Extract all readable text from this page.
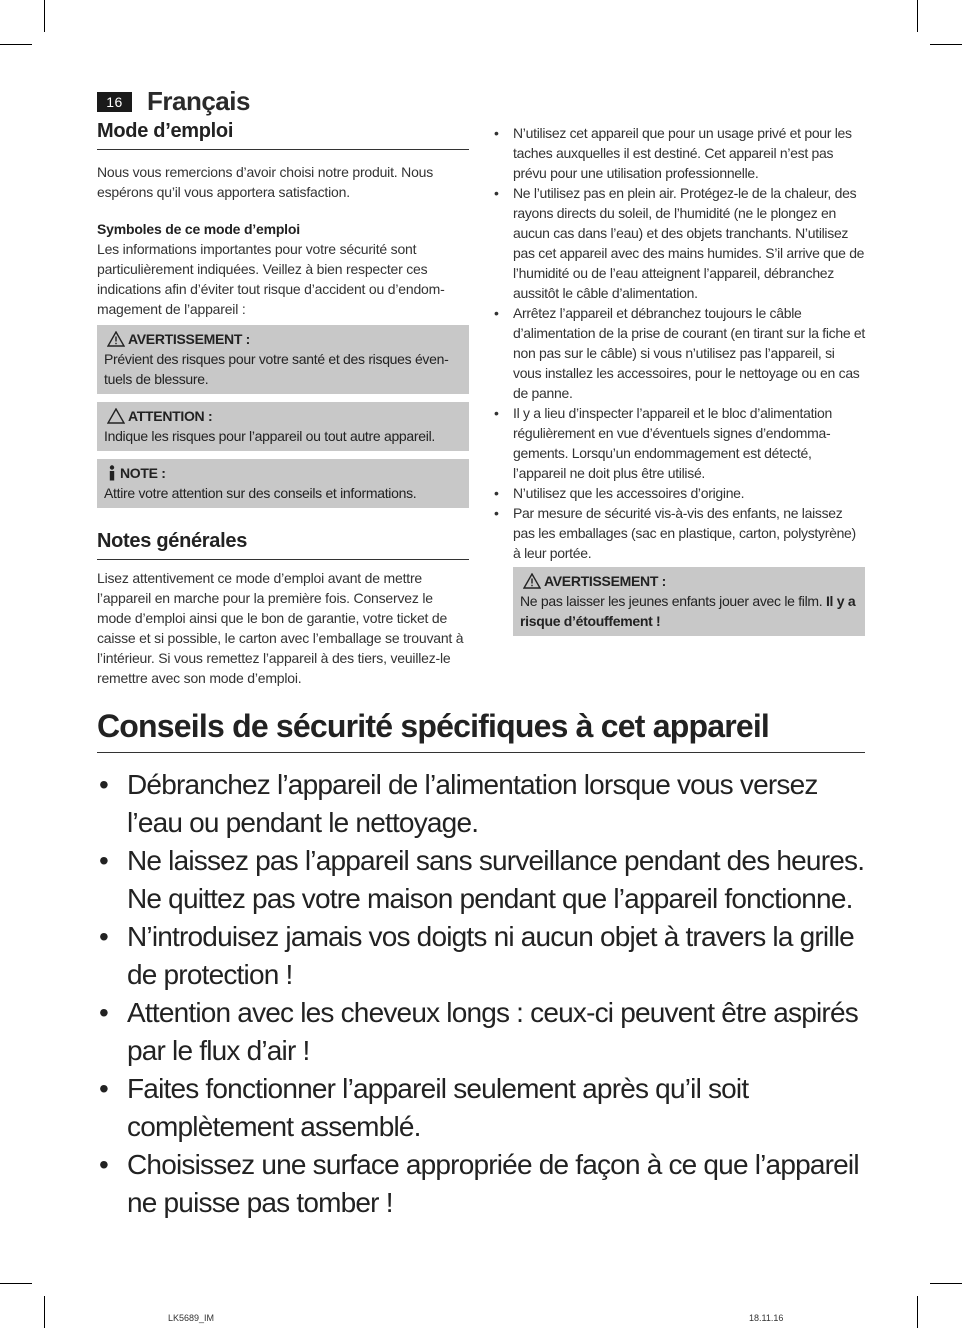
16 Français
Mode d’emploi

Nous vous remercions d’avoir choisi notre produit. Nous espérons qu’il vous apportera satisfaction.

Symboles de ce mode d’emploi

Les informations importantes pour votre sécurité sont particulièrement indiquées. Veillez à bien respecter ces indications afin d’éviter tout risque d’accident ou d’endommagement de l’appareil :

AVERTISSEMENT :
Prévient des risques pour votre santé et des risques éventuels de blessure.
ATTENTION :
Indique les risques pour l’appareil ou tout autre appareil.
NOTE :
Attire votre attention sur des conseils et informations.
Notes générales

Lisez attentivement ce mode d’emploi avant de mettre l’appareil en marche pour la première fois. Conservez le mode d’emploi ainsi que le bon de garantie, votre ticket de caisse et si possible, le carton avec l’emballage se trouvant à l’intérieur. Si vous remettez l’appareil à des tiers, veuillez-le remettre avec son mode d’emploi.

• N’utilisez cet appareil que pour un usage privé et pour les taches auxquelles il est destiné. Cet appareil n’est pas prévu pour une utilisation professionnelle.
• Ne l’utilisez pas en plein air. Protégez-le de la chaleur, des rayons directs du soleil, de l’humidité (ne le plongez en aucun cas dans l’eau) et des objets tranchants. N’utilisez pas cet appareil avec des mains humides. S’il arrive que de l’humidité ou de l’eau atteignent l’appareil, débranchez aussitôt le câble d’alimentation.
• Arrêtez l’appareil et débranchez toujours le câble d’alimentation de la prise de courant (en tirant sur la fiche et non pas sur le câble) si vous n’utilisez pas l’appareil, si vous installez les accessoires, pour le nettoyage ou en cas de panne.
• Il y a lieu d’inspecter l’appareil et le bloc d’alimentation régulièrement en vue d’éventuels signes d’endommagements. Lorsqu’un endommagement est détecté, l’appareil ne doit plus être utilisé.
• N’utilisez que les accessoires d’origine.
• Par mesure de sécurité vis-à-vis des enfants, ne laissez pas les emballages (sac en plastique, carton, polystyrène) à leur portée.
AVERTISSEMENT :
Ne pas laisser les jeunes enfants jouer avec le film. Il y a risque d’étouffement !
Conseils de sécurité spécifiques à cet appareil
• Débranchez l’appareil de l’alimentation lorsque vous versez l’eau ou pendant le nettoyage.
• Ne laissez pas l’appareil sans surveillance pendant des heures. Ne quittez pas votre maison pendant que l’appareil fonctionne.
• N’introduisez jamais vos doigts ni aucun objet à travers la grille de protection !
• Attention avec les cheveux longs : ceux-ci peuvent être aspirés par le flux d’air !
• Faites fonctionner l’appareil seulement après qu’il soit complètement assemblé.
• Choisissez une surface appropriée de façon à ce que l’appareil ne puisse pas tomber !
LK5689_IM	18.11.16
